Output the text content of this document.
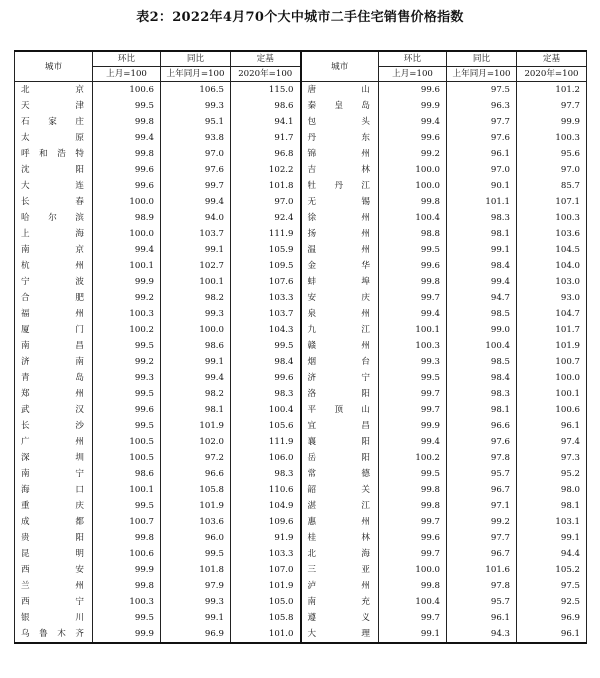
表2：2022年4月70个大中城市二手住宅销售价格指数
城市	环比	同比	定基	城市	环比	同比	定基
	上月=100	上年同月=100	2020年=100		上月=100	上年同月=100	2020年=100
北京	100.6	106.5	115.0	唐山	99.6	97.5	101.2
天津	99.5	99.3	98.6	秦皇岛	99.9	96.3	97.7
石家庄	99.8	95.1	94.1	包头	99.4	97.7	99.9
太原	99.4	93.8	91.7	丹东	99.6	97.6	100.3
呼和浩特	99.8	97.0	96.8	锦州	99.2	96.1	95.6
沈阳	99.6	97.6	102.2	吉林	100.0	97.0	97.0
大连	99.6	99.7	101.8	牡丹江	100.0	90.1	85.7
长春	100.0	99.4	97.0	无锡	99.8	101.1	107.1
哈尔滨	98.9	94.0	92.4	徐州	100.4	98.3	100.3
上海	100.0	103.7	111.9	扬州	98.8	98.1	103.6
南京	99.4	99.1	105.9	温州	99.5	99.1	104.5
杭州	100.1	102.7	109.5	金华	99.6	98.4	104.0
宁波	99.9	100.1	107.6	蚌埠	99.8	99.4	103.0
合肥	99.2	98.2	103.3	安庆	99.7	94.7	93.0
福州	100.3	99.3	103.7	泉州	99.4	98.5	104.7
厦门	100.2	100.0	104.3	九江	100.1	99.0	101.7
南昌	99.5	98.6	99.5	赣州	100.3	100.4	101.9
济南	99.2	99.1	98.4	烟台	99.3	98.5	100.7
青岛	99.3	99.4	99.6	济宁	99.5	98.4	100.0
郑州	99.5	98.2	98.3	洛阳	99.7	98.3	100.1
武汉	99.6	98.1	100.4	平顶山	99.7	98.1	100.6
长沙	99.5	101.9	105.6	宜昌	99.9	96.6	96.1
广州	100.5	102.0	111.9	襄阳	99.4	97.6	97.4
深圳	100.5	97.2	106.0	岳阳	100.2	97.8	97.3
南宁	98.6	96.6	98.3	常德	99.5	95.7	95.2
海口	100.1	105.8	110.6	韶关	99.8	96.7	98.0
重庆	99.5	101.9	104.9	湛江	99.8	97.1	98.1
成都	100.7	103.6	109.6	惠州	99.7	99.2	103.1
贵阳	99.8	96.0	91.9	桂林	99.6	97.7	99.1
昆明	100.6	99.5	103.3	北海	99.7	96.7	94.4
西安	99.9	101.8	107.0	三亚	100.0	101.6	105.2
兰州	99.8	97.9	101.9	泸州	99.8	97.8	97.5
西宁	100.3	99.3	105.0	南充	100.4	95.7	92.5
银川	99.5	99.1	105.8	遵义	99.7	96.1	96.9
乌鲁木齐	99.9	96.9	101.0	大理	99.1	94.3	96.1
